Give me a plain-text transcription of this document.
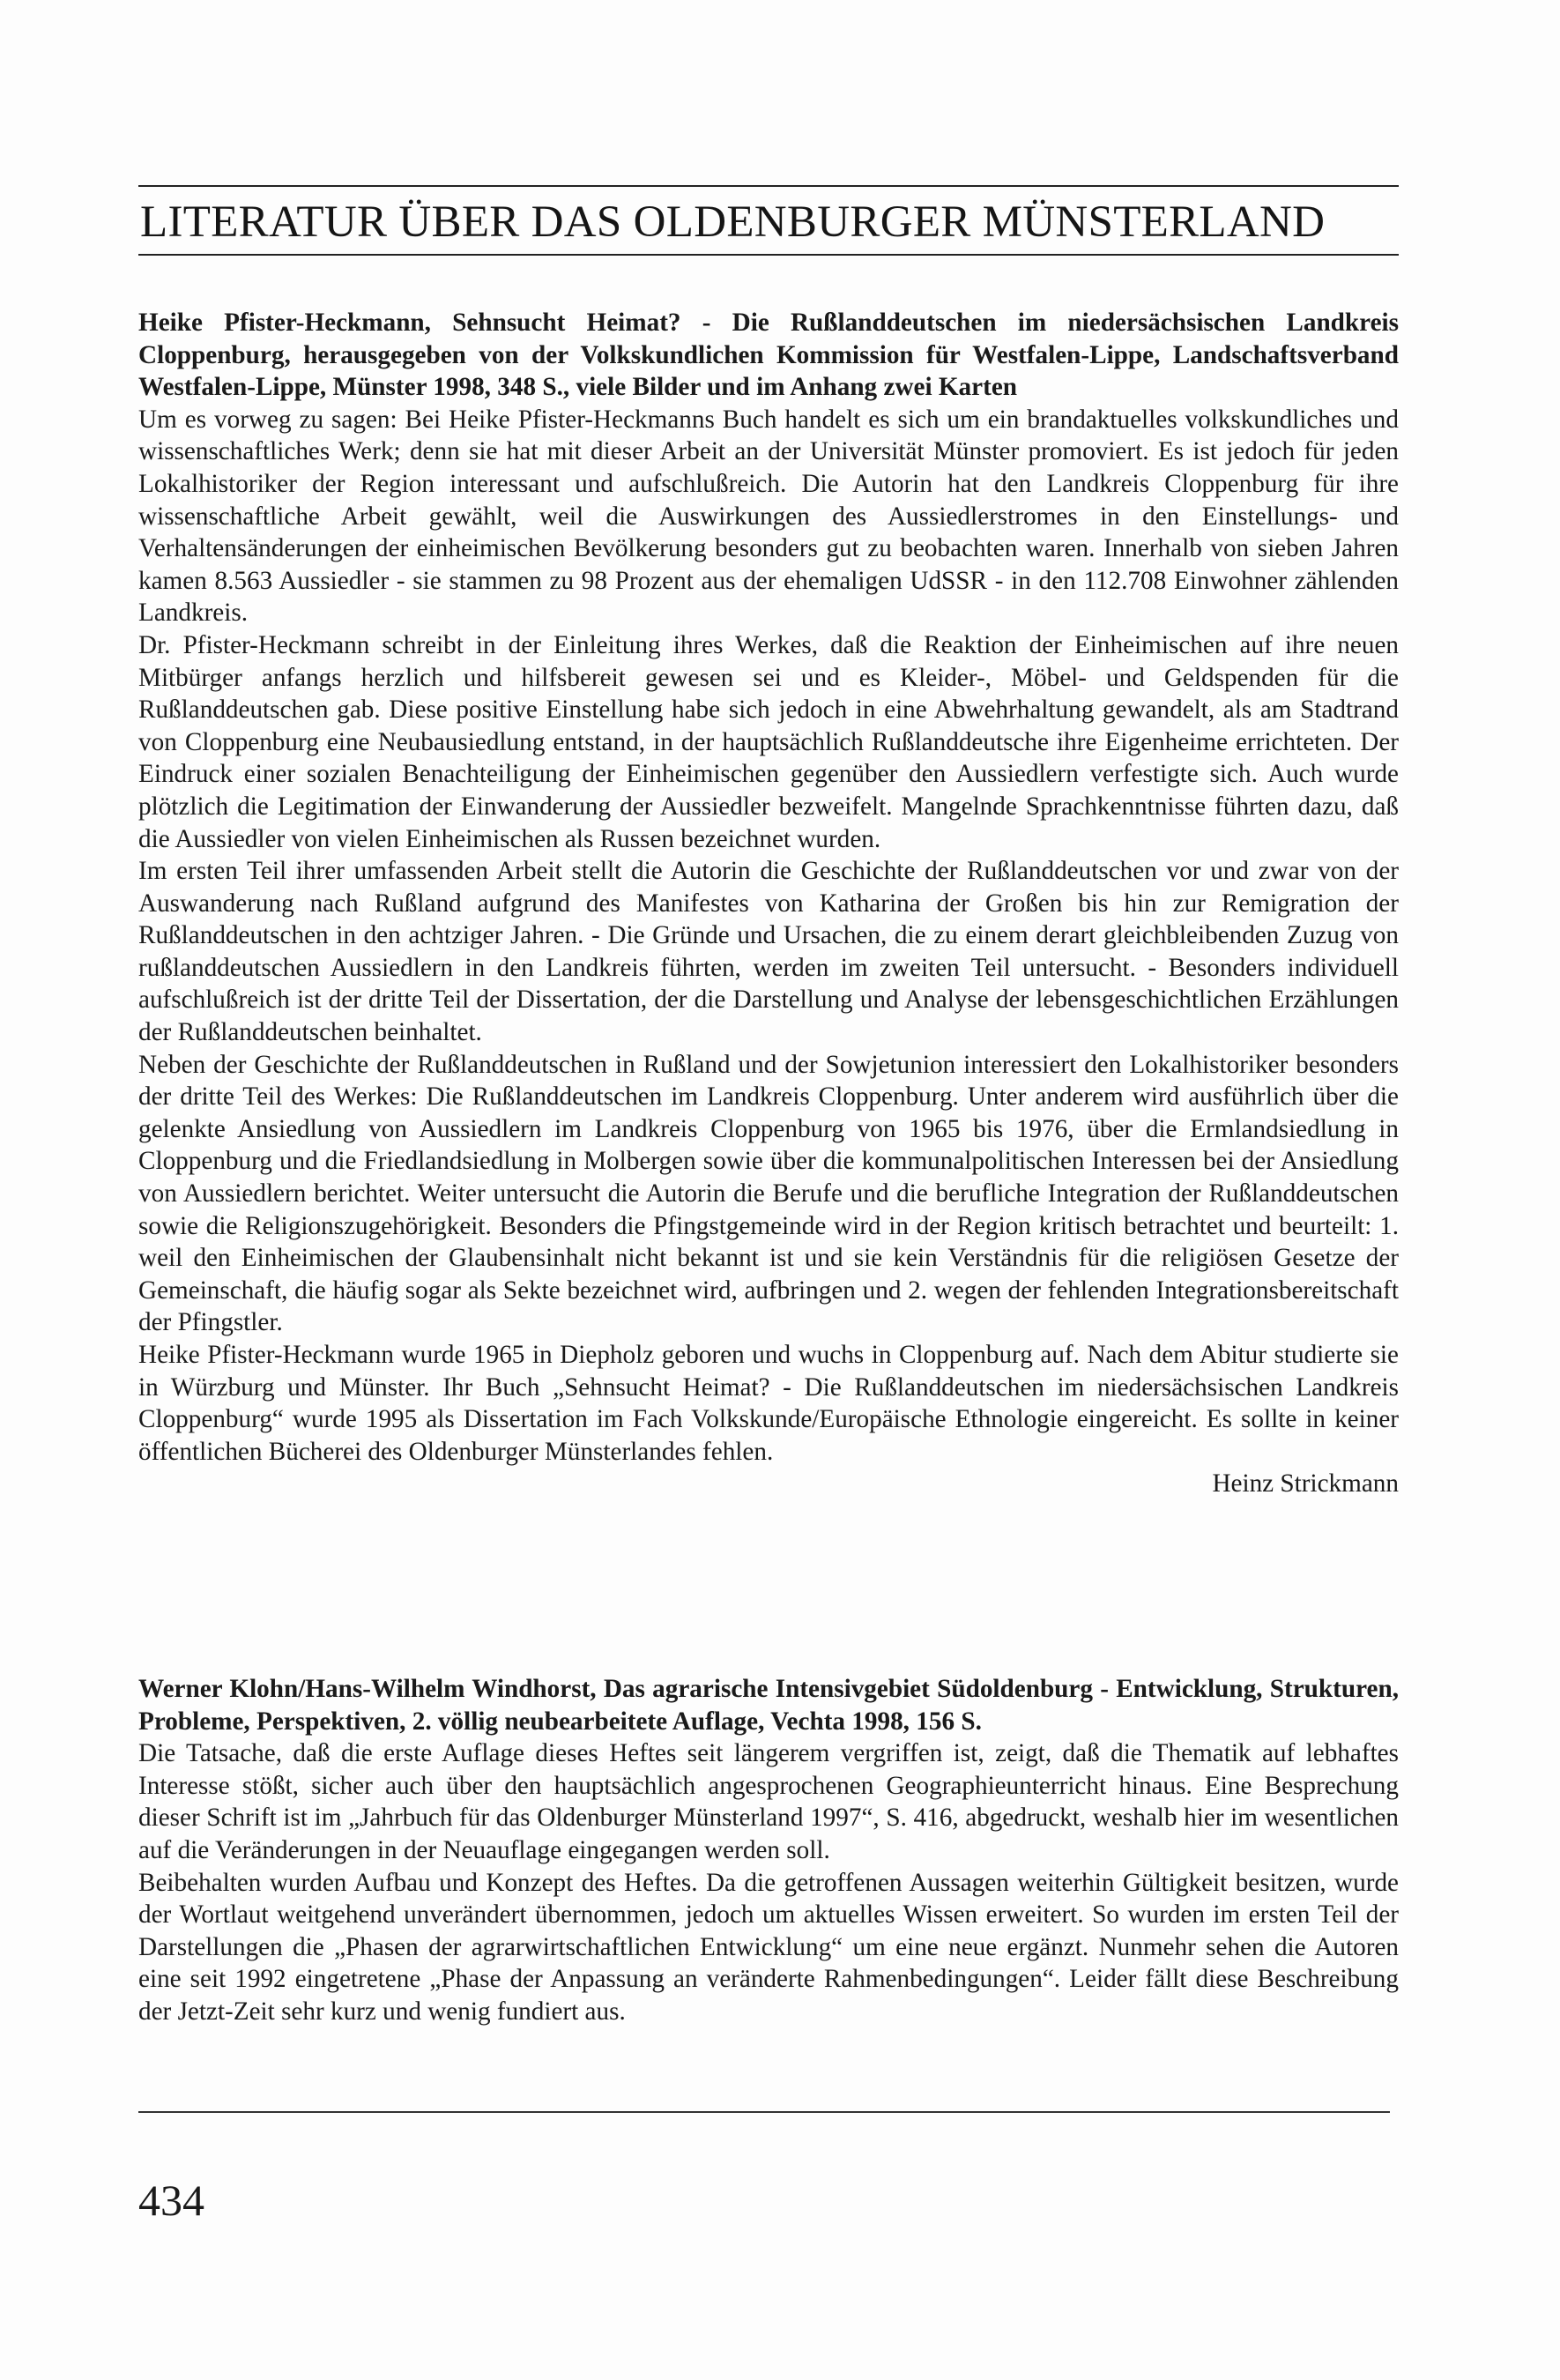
LITERATUR ÜBER DAS OLDENBURGER MÜNSTERLAND

Heike Pfister-Heckmann, Sehnsucht Heimat? - Die Rußlanddeutschen im niedersächsischen Landkreis Cloppenburg, herausgegeben von der Volkskundlichen Kommission für Westfalen-Lippe, Landschaftsverband Westfalen-Lippe, Münster 1998, 348 S., viele Bilder und im Anhang zwei Karten

Um es vorweg zu sagen: Bei Heike Pfister-Heckmanns Buch handelt es sich um ein brandaktuelles volkskundliches und wissenschaftliches Werk; denn sie hat mit dieser Arbeit an der Universität Münster promoviert. Es ist jedoch für jeden Lokalhistoriker der Region interessant und aufschlußreich. Die Autorin hat den Landkreis Cloppenburg für ihre wissenschaftliche Arbeit gewählt, weil die Auswirkungen des Aussiedlerstromes in den Einstellungs- und Verhaltensänderungen der einheimischen Bevölkerung besonders gut zu beobachten waren. Innerhalb von sieben Jahren kamen 8.563 Aussiedler - sie stammen zu 98 Prozent aus der ehemaligen UdSSR - in den 112.708 Einwohner zählenden Landkreis.

Dr. Pfister-Heckmann schreibt in der Einleitung ihres Werkes, daß die Reaktion der Einheimischen auf ihre neuen Mitbürger anfangs herzlich und hilfsbereit gewesen sei und es Kleider-, Möbel- und Geldspenden für die Rußlanddeutschen gab. Diese positive Einstellung habe sich jedoch in eine Abwehrhaltung gewandelt, als am Stadtrand von Cloppenburg eine Neubausiedlung entstand, in der hauptsächlich Rußlanddeutsche ihre Eigenheime errichteten. Der Eindruck einer sozialen Benachteiligung der Einheimischen gegenüber den Aussiedlern verfestigte sich. Auch wurde plötzlich die Legitimation der Einwanderung der Aussiedler bezweifelt. Mangelnde Sprachkenntnisse führten dazu, daß die Aussiedler von vielen Einheimischen als Russen bezeichnet wurden.

Im ersten Teil ihrer umfassenden Arbeit stellt die Autorin die Geschichte der Rußlanddeutschen vor und zwar von der Auswanderung nach Rußland aufgrund des Manifestes von Katharina der Großen bis hin zur Remigration der Rußlanddeutschen in den achtziger Jahren. - Die Gründe und Ursachen, die zu einem derart gleichbleibenden Zuzug von rußlanddeutschen Aussiedlern in den Landkreis führten, werden im zweiten Teil untersucht. - Besonders individuell aufschlußreich ist der dritte Teil der Dissertation, der die Darstellung und Analyse der lebensgeschichtlichen Erzählungen der Rußlanddeutschen beinhaltet.

Neben der Geschichte der Rußlanddeutschen in Rußland und der Sowjetunion interessiert den Lokalhistoriker besonders der dritte Teil des Werkes: Die Rußlanddeutschen im Landkreis Cloppenburg. Unter anderem wird ausführlich über die gelenkte Ansiedlung von Aussiedlern im Landkreis Cloppenburg von 1965 bis 1976, über die Ermlandsiedlung in Cloppenburg und die Friedlandsiedlung in Molbergen sowie über die kommunalpolitischen Interessen bei der Ansiedlung von Aussiedlern berichtet. Weiter untersucht die Autorin die Berufe und die berufliche Integration der Rußlanddeutschen sowie die Religionszugehörigkeit. Besonders die Pfingstgemeinde wird in der Region kritisch betrachtet und beurteilt: 1. weil den Einheimischen der Glaubensinhalt nicht bekannt ist und sie kein Verständnis für die religiösen Gesetze der Gemeinschaft, die häufig sogar als Sekte bezeichnet wird, aufbringen und 2. wegen der fehlenden Integrationsbereitschaft der Pfingstler.

Heike Pfister-Heckmann wurde 1965 in Diepholz geboren und wuchs in Cloppenburg auf. Nach dem Abitur studierte sie in Würzburg und Münster. Ihr Buch „Sehnsucht Heimat? - Die Rußlanddeutschen im niedersächsischen Landkreis Cloppenburg“ wurde 1995 als Dissertation im Fach Volkskunde/Europäische Ethnologie eingereicht. Es sollte in keiner öffentlichen Bücherei des Oldenburger Münsterlandes fehlen.

Heinz Strickmann

Werner Klohn/Hans-Wilhelm Windhorst, Das agrarische Intensivgebiet Südoldenburg - Entwicklung, Strukturen, Probleme, Perspektiven, 2. völlig neubearbeitete Auflage, Vechta 1998, 156 S.

Die Tatsache, daß die erste Auflage dieses Heftes seit längerem vergriffen ist, zeigt, daß die Thematik auf lebhaftes Interesse stößt, sicher auch über den hauptsächlich angesprochenen Geographieunterricht hinaus. Eine Besprechung dieser Schrift ist im „Jahrbuch für das Oldenburger Münsterland 1997“, S. 416, abgedruckt, weshalb hier im wesentlichen auf die Veränderungen in der Neuauflage eingegangen werden soll.

Beibehalten wurden Aufbau und Konzept des Heftes. Da die getroffenen Aussagen weiterhin Gültigkeit besitzen, wurde der Wortlaut weitgehend unverändert übernommen, jedoch um aktuelles Wissen erweitert. So wurden im ersten Teil der Darstellungen die „Phasen der agrarwirtschaftlichen Entwicklung“ um eine neue ergänzt. Nunmehr sehen die Autoren eine seit 1992 eingetretene „Phase der Anpassung an veränderte Rahmenbedingungen“. Leider fällt diese Beschreibung der Jetzt-Zeit sehr kurz und wenig fundiert aus.

434
